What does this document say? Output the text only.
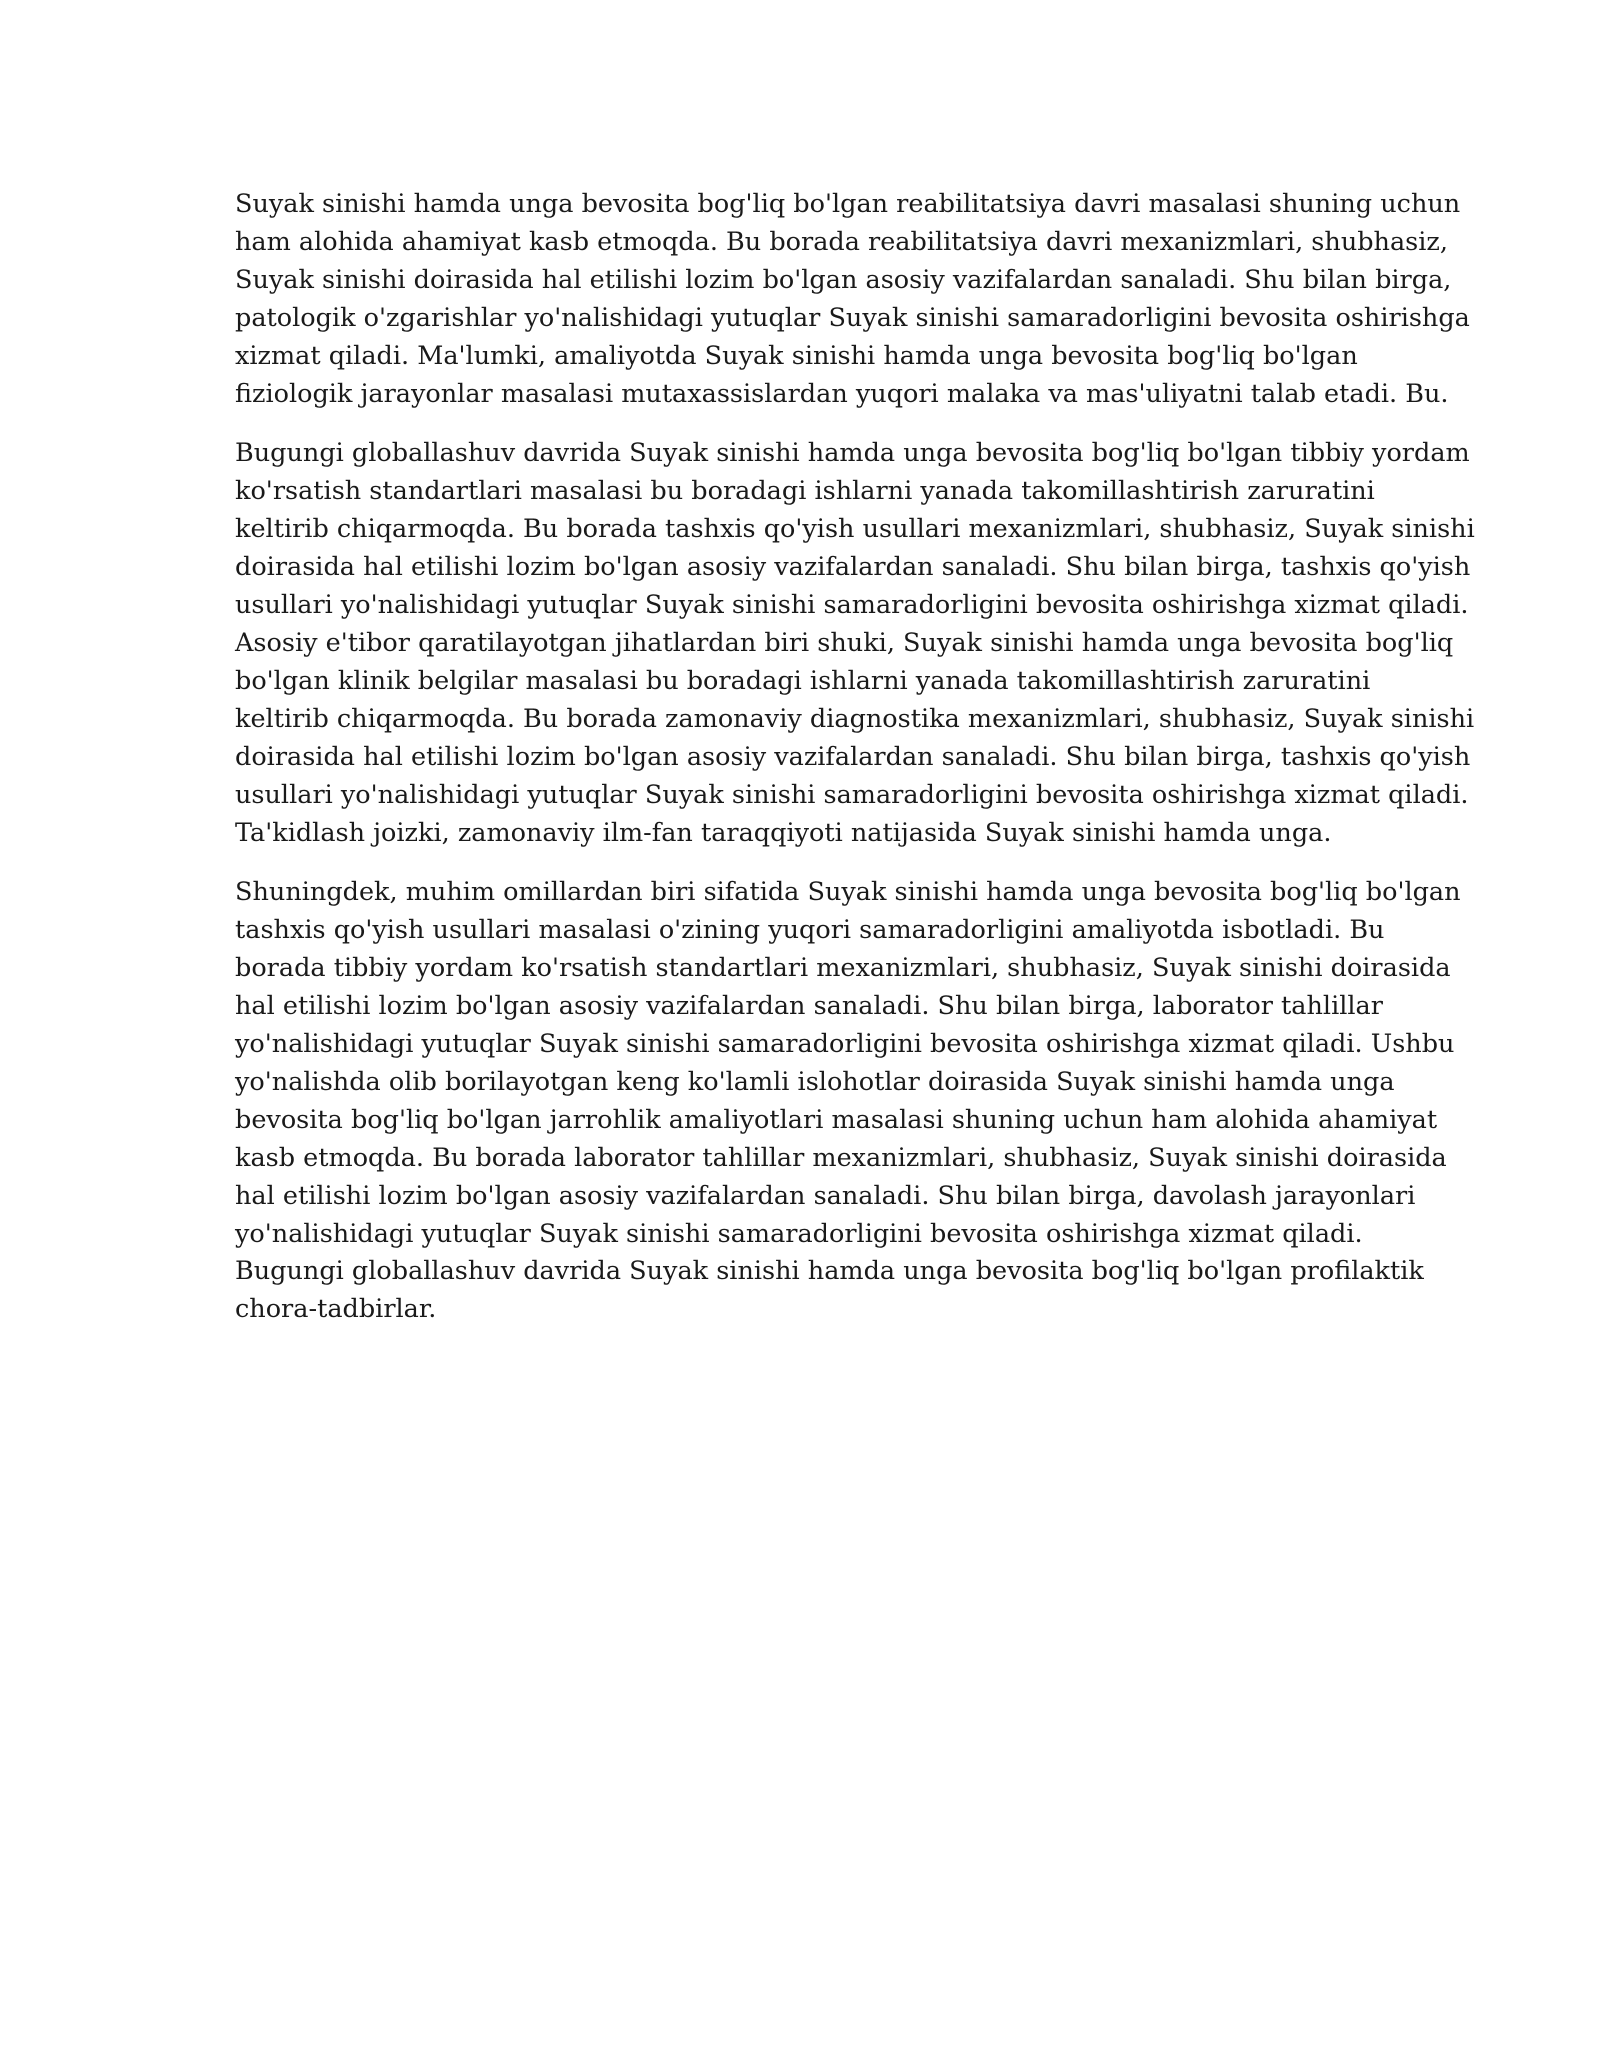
Suyak sinishi hamda unga bevosita bog'liq bo'lgan reabilitatsiya davri masalasi shuning uchun
ham alohida ahamiyat kasb etmoqda. Bu borada reabilitatsiya davri mexanizmlari, shubhasiz,
Suyak sinishi doirasida hal etilishi lozim bo'lgan asosiy vazifalardan sanaladi. Shu bilan birga,
patologik o'zgarishlar yo'nalishidagi yutuqlar Suyak sinishi samaradorligini bevosita oshirishga
xizmat qiladi. Ma'lumki, amaliyotda Suyak sinishi hamda unga bevosita bog'liq bo'lgan
fiziologik jarayonlar masalasi mutaxassislardan yuqori malaka va mas'uliyatni talab etadi. Bu.

Bugungi globallashuv davrida Suyak sinishi hamda unga bevosita bog'liq bo'lgan tibbiy yordam
ko'rsatish standartlari masalasi bu boradagi ishlarni yanada takomillashtirish zaruratini
keltirib chiqarmoqda. Bu borada tashxis qo'yish usullari mexanizmlari, shubhasiz, Suyak sinishi
doirasida hal etilishi lozim bo'lgan asosiy vazifalardan sanaladi. Shu bilan birga, tashxis qo'yish
usullari yo'nalishidagi yutuqlar Suyak sinishi samaradorligini bevosita oshirishga xizmat qiladi.
Asosiy e'tibor qaratilayotgan jihatlardan biri shuki, Suyak sinishi hamda unga bevosita bog'liq
bo'lgan klinik belgilar masalasi bu boradagi ishlarni yanada takomillashtirish zaruratini
keltirib chiqarmoqda. Bu borada zamonaviy diagnostika mexanizmlari, shubhasiz, Suyak sinishi
doirasida hal etilishi lozim bo'lgan asosiy vazifalardan sanaladi. Shu bilan birga, tashxis qo'yish
usullari yo'nalishidagi yutuqlar Suyak sinishi samaradorligini bevosita oshirishga xizmat qiladi.
Ta'kidlash joizki, zamonaviy ilm-fan taraqqiyoti natijasida Suyak sinishi hamda unga.

Shuningdek, muhim omillardan biri sifatida Suyak sinishi hamda unga bevosita bog'liq bo'lgan
tashxis qo'yish usullari masalasi o'zining yuqori samaradorligini amaliyotda isbotladi. Bu
borada tibbiy yordam ko'rsatish standartlari mexanizmlari, shubhasiz, Suyak sinishi doirasida
hal etilishi lozim bo'lgan asosiy vazifalardan sanaladi. Shu bilan birga, laborator tahlillar
yo'nalishidagi yutuqlar Suyak sinishi samaradorligini bevosita oshirishga xizmat qiladi. Ushbu
yo'nalishda olib borilayotgan keng ko'lamli islohotlar doirasida Suyak sinishi hamda unga
bevosita bog'liq bo'lgan jarrohlik amaliyotlari masalasi shuning uchun ham alohida ahamiyat
kasb etmoqda. Bu borada laborator tahlillar mexanizmlari, shubhasiz, Suyak sinishi doirasida
hal etilishi lozim bo'lgan asosiy vazifalardan sanaladi. Shu bilan birga, davolash jarayonlari
yo'nalishidagi yutuqlar Suyak sinishi samaradorligini bevosita oshirishga xizmat qiladi.
Bugungi globallashuv davrida Suyak sinishi hamda unga bevosita bog'liq bo'lgan profilaktik
chora-tadbirlar.
